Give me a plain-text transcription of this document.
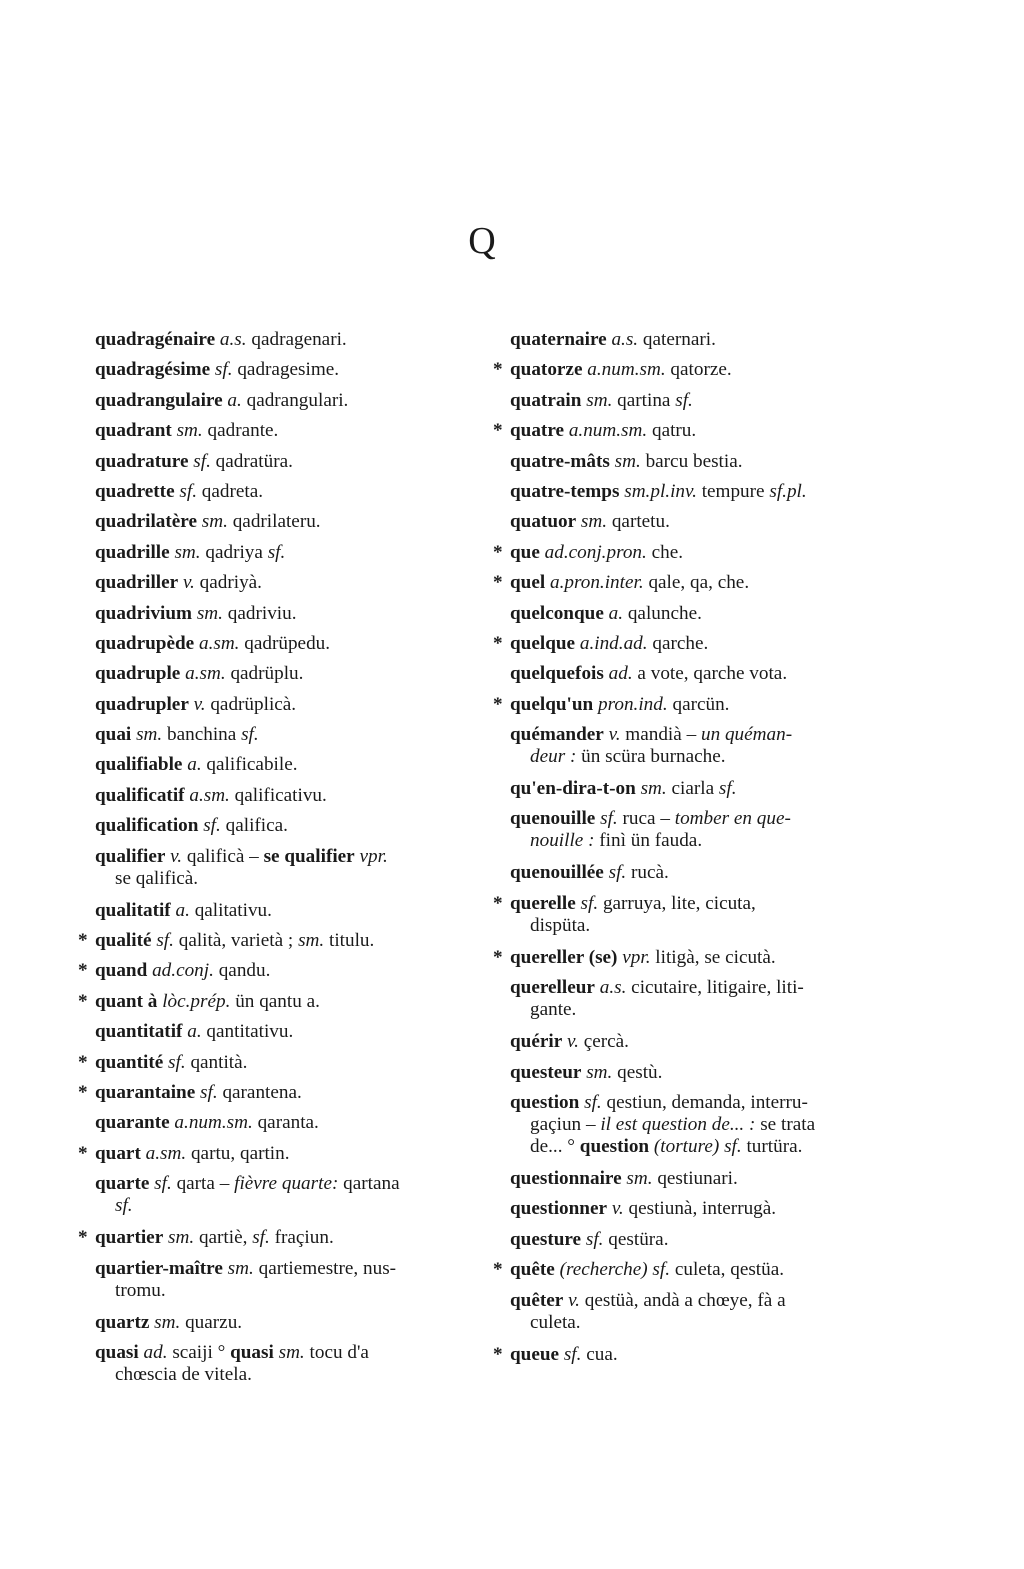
Q
quadragénaire a.s. qadragenari.
quadragésime sf. qadragesime.
quadrangulaire a. qadrangulari.
quadrant sm. qadrante.
quadrature sf. qadratüra.
quadrette sf. qadreta.
quadrilatère sm. qadrilateru.
quadrille sm. qadriya sf.
quadriller v. qadriyà.
quadrivium sm. qadriviu.
quadrupède a.sm. qadrüpedu.
quadruple a.sm. qadrüplu.
quadrupler v. qadrüplicà.
quai sm. banchina sf.
qualifiable a. qalificabile.
qualificatif a.sm. qalificativu.
qualification sf. qalifica.
qualifier v. qalificà – se qualifier vpr.
se qalificà.
qualitatif a. qalitativu.
* qualité sf. qalità, varietà ; sm. titulu.
* quand ad.conj. qandu.
* quant à lòc.prép. ün qantu a.
quantitatif a. qantitativu.
* quantité sf. qantità.
* quarantaine sf. qarantena.
quarante a.num.sm. qaranta.
* quart a.sm. qartu, qartin.
quarte sf. qarta – fièvre quarte: qartana
sf.
* quartier sm. qartiè, sf. fraçiun.
quartier-maître sm. qartiemestre, nus-
tromu.
quartz sm. quarzu.
quasi ad. scaiji ° quasi sm. tocu d'a
chœscia de vitela.
quaternaire a.s. qaternari.
* quatorze a.num.sm. qatorze.
quatrain sm. qartina sf.
* quatre a.num.sm. qatru.
quatre-mâts sm. barcu bestia.
quatre-temps sm.pl.inv. tempure sf.pl.
quatuor sm. qartetu.
* que ad.conj.pron. che.
* quel a.pron.inter. qale, qa, che.
quelconque a. qalunche.
* quelque a.ind.ad. qarche.
quelquefois ad. a vote, qarche vota.
* quelqu'un pron.ind. qarcün.
quémander v. mandià – un quéman-
deur : ün scüra burnache.
qu'en-dira-t-on sm. ciarla sf.
quenouille sf. ruca – tomber en que-
nouille : finì ün fauda.
quenouillée sf. rucà.
* querelle sf. garruya, lite, cicuta,
dispüta.
* quereller (se) vpr. litigà, se cicutà.
querelleur a.s. cicutaire, litigaire, liti-
gante.
quérir v. çercà.
questeur sm. qestù.
question sf. qestiun, demanda, interru-
gaçiun – il est question de... : se trata
de... ° question (torture) sf. turtüra.
questionnaire sm. qestiunari.
questionner v. qestiunà, interrugà.
questure sf. qestüra.
* quête (recherche) sf. culeta, qestüa.
quêter v. qestüà, andà a chœye, fà a
culeta.
* queue sf. cua.
